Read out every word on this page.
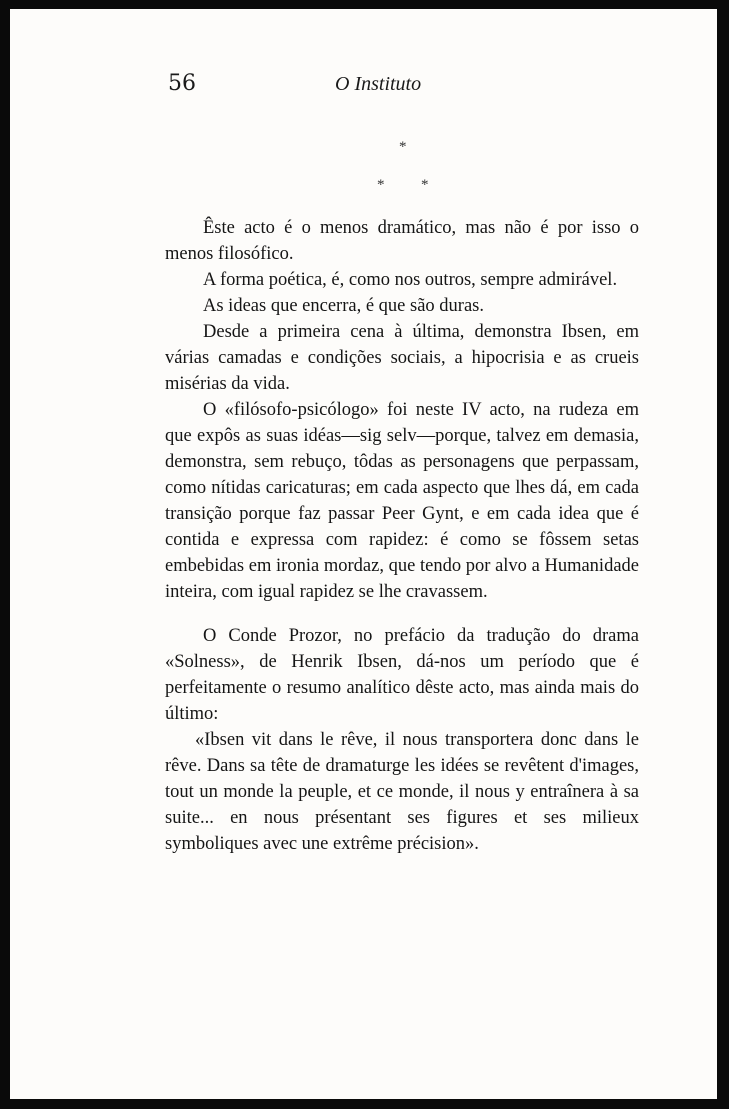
56	O Instituto
*
* *

Êste acto é o menos dramático, mas não é por isso o menos filosófico.

A forma poética, é, como nos outros, sempre admirável.

As ideas que encerra, é que são duras.

Desde a primeira cena à última, demonstra Ibsen, em várias camadas e condições sociais, a hipocrisia e as crueis misérias da vida.

O «filósofo-psicólogo» foi neste IV acto, na rudeza em que expôs as suas idéas—sig selv—porque, talvez em demasia, demonstra, sem rebuço, tôdas as personagens que perpassam, como nítidas caricaturas; em cada aspecto que lhes dá, em cada transição porque faz passar Peer Gynt, e em cada idea que é contida e expressa com rapidez: é como se fôssem setas embebidas em ironia mordaz, que tendo por alvo a Humanidade inteira, com igual rapidez se lhe cravassem.

O Conde Prozor, no prefácio da tradução do drama «Solness», de Henrik Ibsen, dá-nos um período que é perfeitamente o resumo analítico dêste acto, mas ainda mais do último:

«Ibsen vit dans le rêve, il nous transportera donc dans le rêve. Dans sa tête de dramaturge les idées se revêtent d'images, tout un monde la peuple, et ce monde, il nous y entraînera à sa suite... en nous présentant ses figures et ses milieux symboliques avec une extrême précision».
